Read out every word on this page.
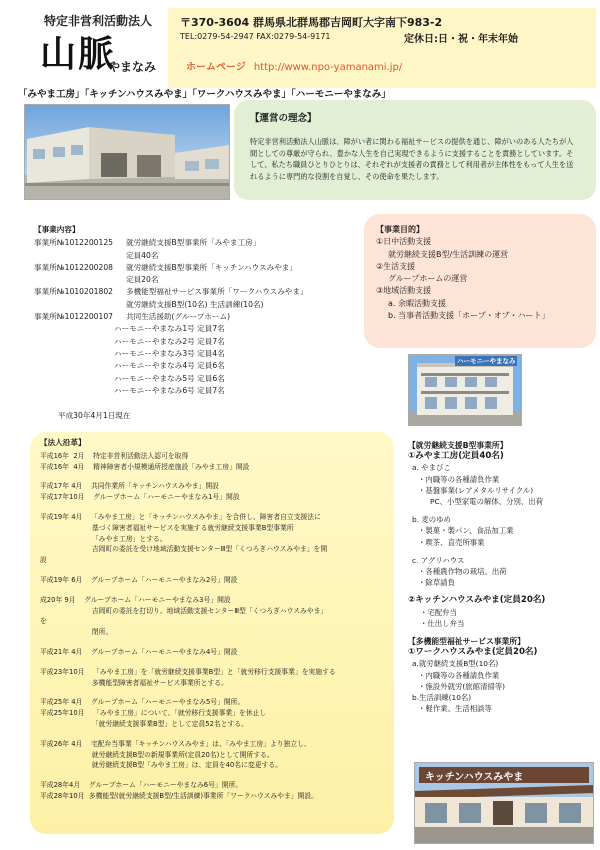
特定非営利活動法人
山脈
やまなみ
〒370-3604 群馬県北群馬郡吉岡町大字南下983-2
TEL:0279-54-2947 FAX:0279-54-9171	定休日:日・祝・年末年始
ホームページ http://www.npo-yamanami.jp/
「みやま工房」「キッチンハウスみやま」「ワークハウスみやま」「ハーモニーやまなみ」
【運営の理念】
特定非営利活動法人山脈は、障がい者に関わる福祉サービスの提供を通じ、障がいのある人たちが人間としての尊厳が守られ、豊かな人生を自己実現できるように支援することを責務としています。そして、私たち職員ひとりひとりは、それぞれが支援者の責務として利用者が主体性をもって人生を送れるように専門的な役割を自覚し、その使命を果たします。
【事業内容】
事業所№1012200125 就労継続支援B型事業所「みやま工房」
定員40名
事業所№1012200208 就労継続支援B型事業所「キッチンハウスみやま」
定員20名
事業所№1010201802 多機能型福祉サービス事業所「ワークハウスみやま」
就労継続支援B型(10名) 生活訓練(10名)
事業所№1012200107 共同生活援助(グループホーム)
ハーモニーやまなみ1号 定員7名
ハーモニーやまなみ2号 定員7名
ハーモニーやまなみ3号 定員4名
ハーモニーやまなみ4号 定員6名
ハーモニーやまなみ5号 定員6名
ハーモニーやまなみ6号 定員7名
平成30年4月1日現在
【事業目的】
①日中活動支援
就労継続支援B型/生活訓練の運営
②生活支援
グループホームの運営
③地域活動支援
a. 余暇活動支援
b. 当事者活動支援「ホープ・オブ・ハート」
ハーモニーやまなみ
【法人沿革】
平成16年  2月    特定非営利活動法人認可を取得
平成16年  4月    精神障害者小規模通所授産施設「みやま工房」開設
平成17年 4月    共同作業所「キッチンハウスみやま」開設
平成17年10月    グループホーム「ハーモニーやまなみ1号」開設
平成19年 4月    「みやま工房」と「キッチンハウスみやま」を合併し、障害者自立支援法に
基づく障害者福祉サービスを実施する就労継続支援事業B型事業所
「みやま工房」とする。
吉岡町の委託を受け地域活動支援センターⅢ型「くつろぎハウスみやま」を開
設
平成19年 6月    グループホーム「ハーモニーやまなみ2号」開設
成20年 9月    グループホーム「ハーモニーやまなみ3号」開設
吉岡町の委託を打切り、地域活動支援センターⅢ型「くつろぎハウスみやま」
を
閉所。
平成21年 4月    グループホーム「ハーモニーやまなみ4号」開設
平成23年10月    「みやま工房」を「就労継続支援事業B型」と「就労移行支援事業」を実施する
多機能型障害者福祉サービス事業所とする。
平成25年 4月    グループホーム「ハーモニーやまなみ5号」開所。
平成25年10月    「みやま工房」について、「就労移行支援事業」を休止し
「就労継続支援事業B型」として定員52名とする。
平成26年 4月    宅配弁当事業「キッチンハウスみやま」は、「みやま工房」より独立し、
就労継続支援B型の新規事業所(定員20名)として開所する。
就労継続支援B型「みやま工房」は、定員を40名に変更する。
平成28年4月    グループホーム「ハーモニーやまなみ6号」開所。
平成28年10月  多機能型(就労継続支援B型/生活訓練)事業所「ワークハウスみやま」開設。
【就労継続支援B型事業所】
①みやま工房(定員40名)
a. やまびこ
・内職等の各種請負作業
・基盤事業(レアメタルリサイクル)
PC、小型家電の解体、分別、出荷
b. 麦のゆめ
・製菓・製パン、食品加工業
・喫茶、直売所事業
c. アグリハウス
・各種農作物の栽培、出荷
・除草請負
②キッチンハウスみやま(定員20名)
・宅配弁当
・仕出し弁当
【多機能型福祉サービス事業所】
①ワークハウスみやま(定員20名)
a.就労継続支援B型(10名)
・内職等の各種請負作業
・施設外就労(旅館清掃等)
b.生活訓練(10名)
・軽作業、生活相談等
キッチンハウスみやま
